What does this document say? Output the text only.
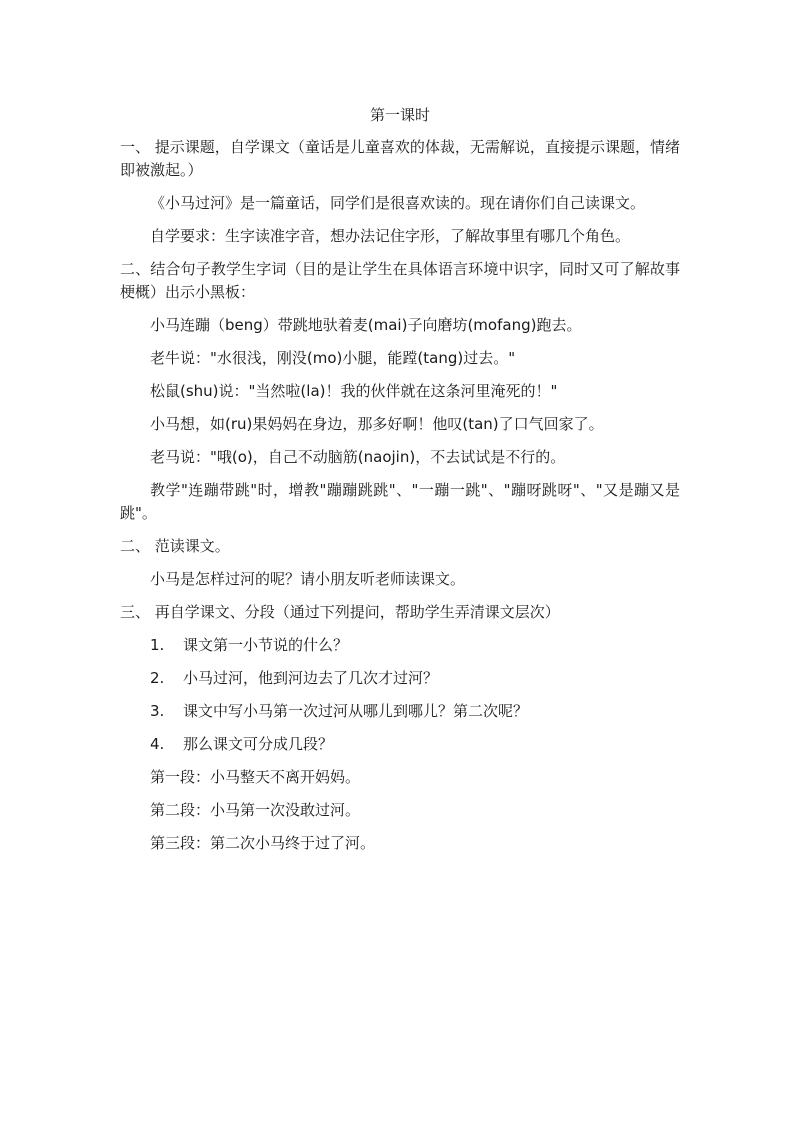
第一课时
一、 提示课题，自学课文（童话是儿童喜欢的体裁，无需解说，直接提示课题，情绪即被激起。）
《小马过河》是一篇童话，同学们是很喜欢读的。现在请你们自己读课文。
自学要求：生字读准字音，想办法记住字形，了解故事里有哪几个角色。
二、结合句子教学生字词（目的是让学生在具体语言环境中识字，同时又可了解故事梗概）出示小黑板：
小马连蹦（beng）带跳地驮着麦(mai)子向磨坊(mofang)跑去。
老牛说："水很浅，刚没(mo)小腿，能蹚(tang)过去。"
松鼠(shu)说："当然啦(la)！我的伙伴就在这条河里淹死的！"
小马想，如(ru)果妈妈在身边，那多好啊！他叹(tan)了口气回家了。
老马说："哦(o)，自己不动脑筋(naojin)，不去试试是不行的。
教学"连蹦带跳"时，增教"蹦蹦跳跳"、"一蹦一跳"、"蹦呀跳呀"、"又是蹦又是跳"。
二、 范读课文。
小马是怎样过河的呢？请小朋友听老师读课文。
三、 再自学课文、分段（通过下列提问，帮助学生弄清课文层次）
1. 课文第一小节说的什么？
2. 小马过河，他到河边去了几次才过河？
3. 课文中写小马第一次过河从哪儿到哪儿？第二次呢？
4. 那么课文可分成几段？
第一段：小马整天不离开妈妈。
第二段：小马第一次没敢过河。
第三段：第二次小马终于过了河。
